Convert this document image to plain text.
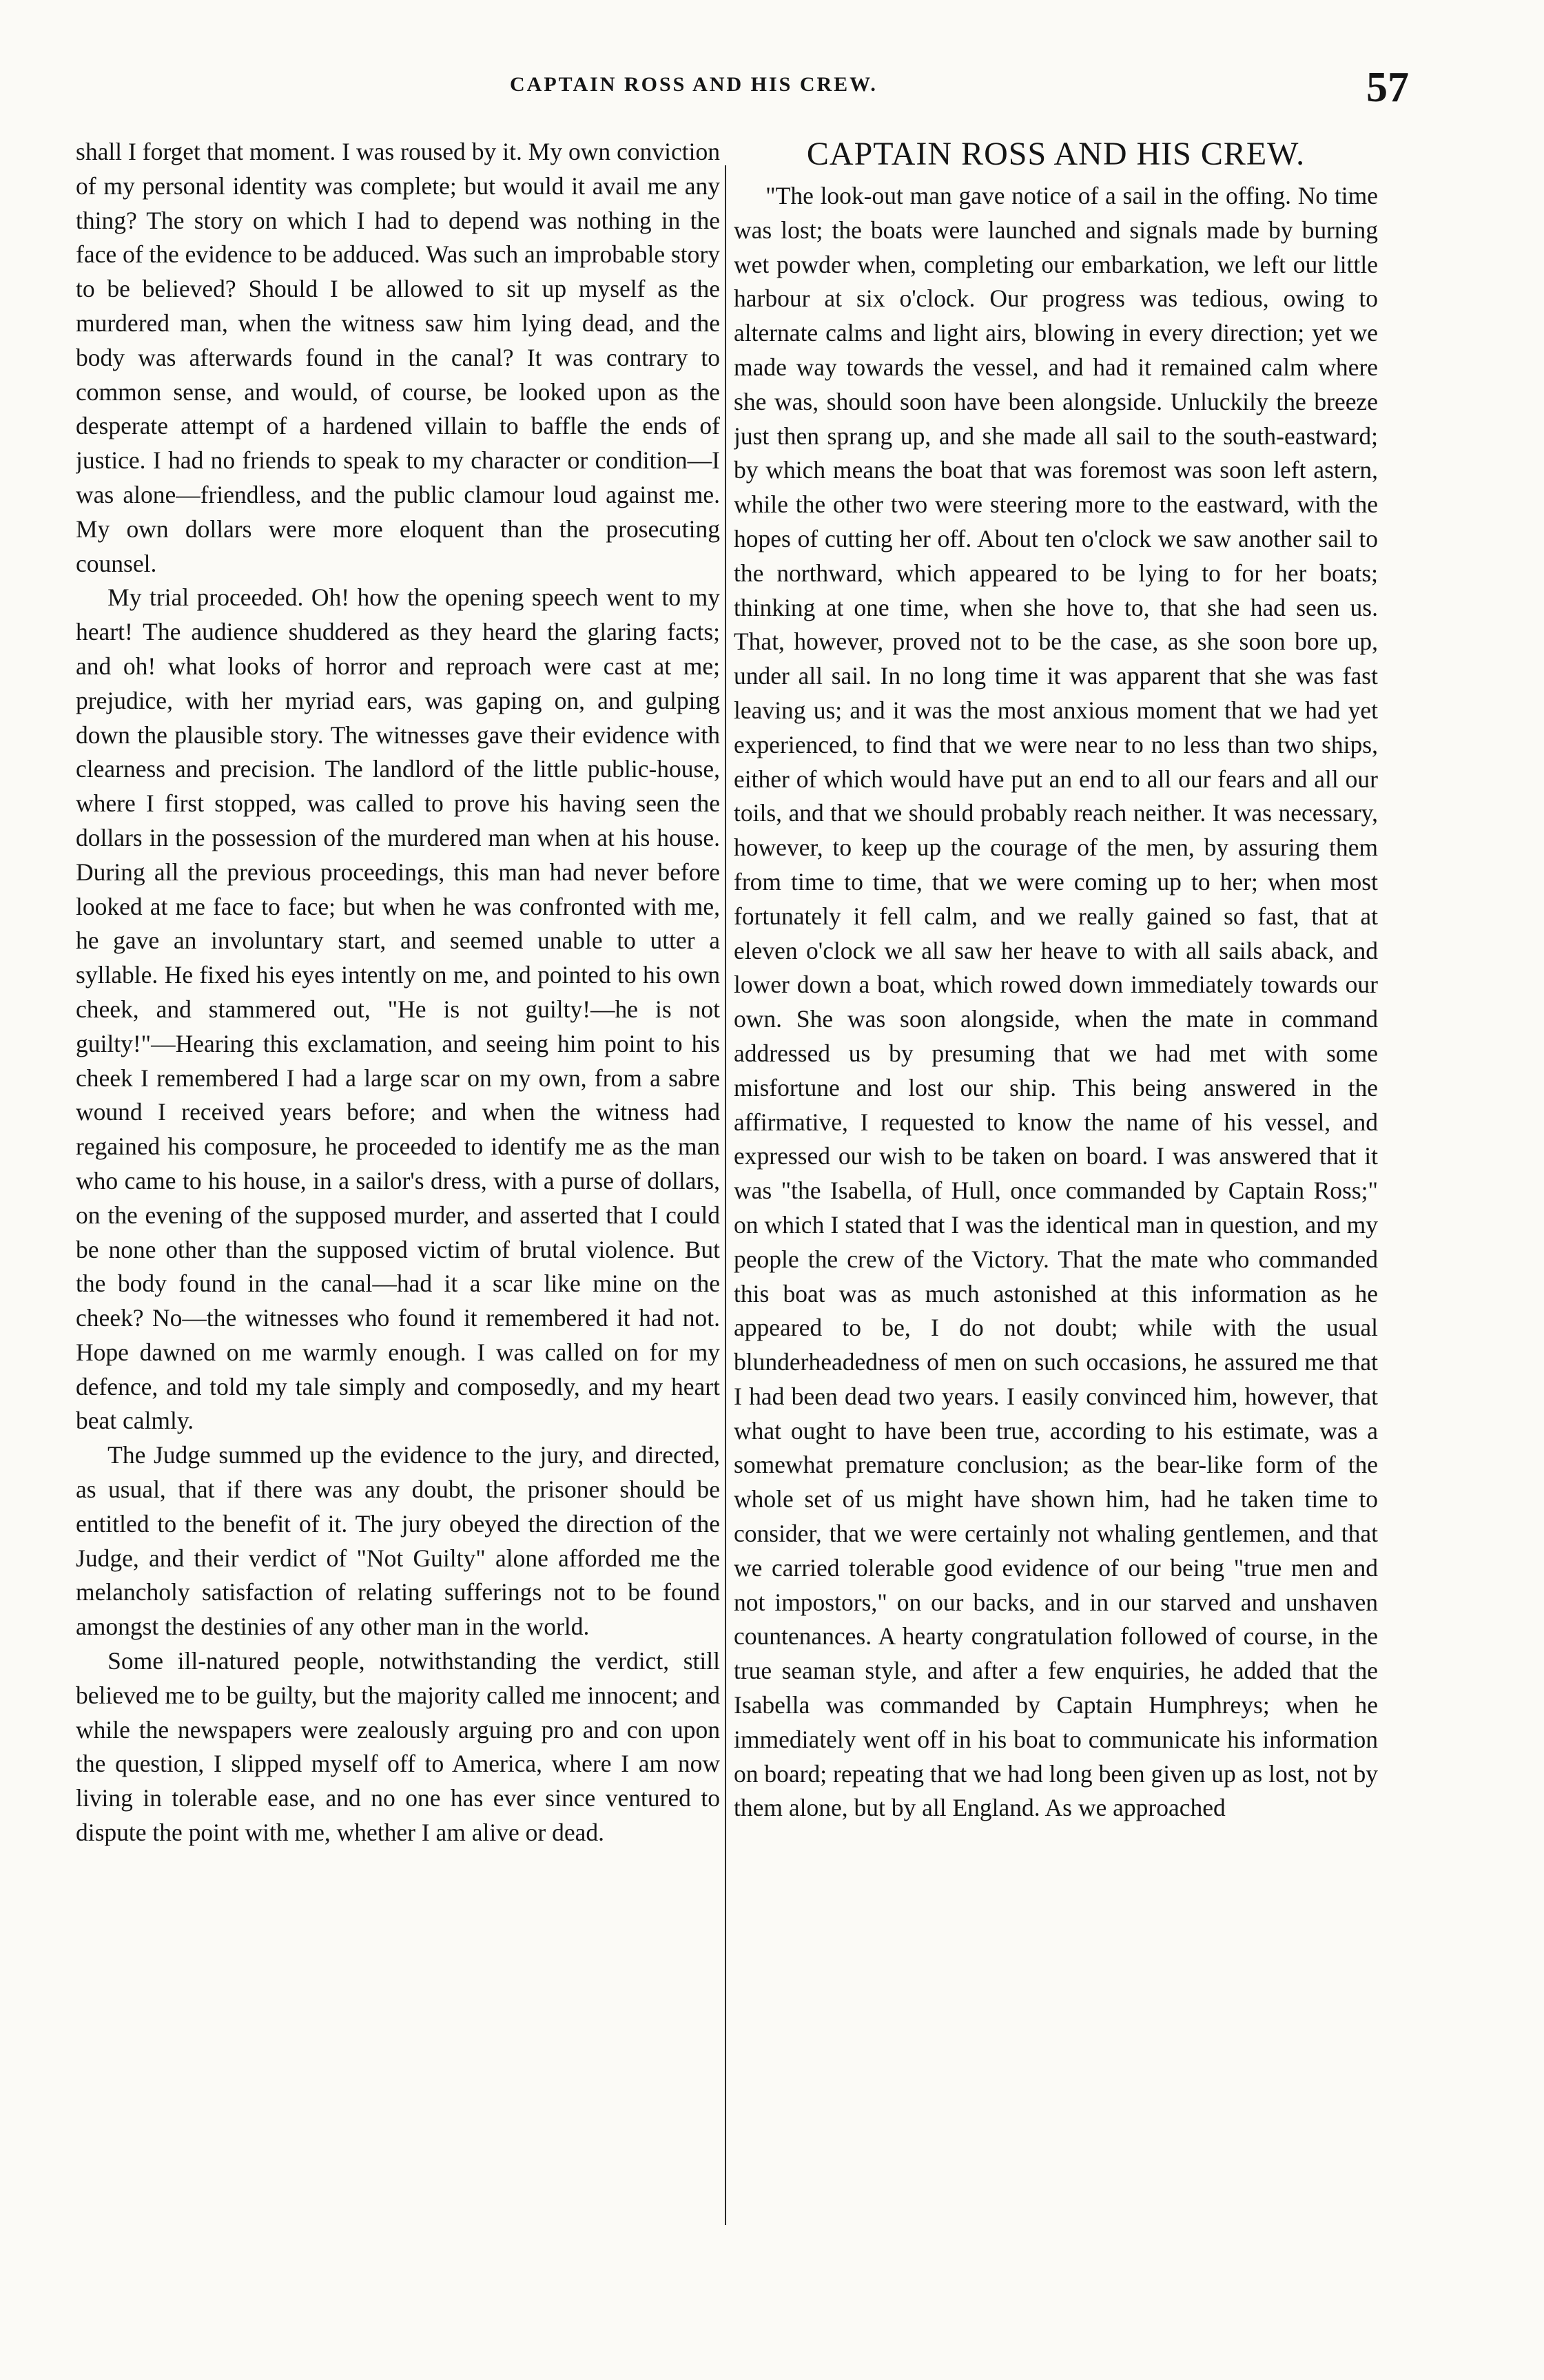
CAPTAIN ROSS AND HIS CREW.	57

shall I forget that moment. I was roused by it. My own conviction of my personal identity was complete; but would it avail me any thing? The story on which I had to depend was nothing in the face of the evidence to be adduced. Was such an improbable story to be believed? Should I be allowed to sit up myself as the murdered man, when the witness saw him lying dead, and the body was afterwards found in the canal? It was contrary to common sense, and would, of course, be looked upon as the desperate attempt of a hardened villain to baffle the ends of justice. I had no friends to speak to my character or condition—I was alone—friendless, and the public clamour loud against me. My own dollars were more eloquent than the prosecuting counsel.

My trial proceeded. Oh! how the opening speech went to my heart! The audience shuddered as they heard the glaring facts; and oh! what looks of horror and reproach were cast at me; prejudice, with her myriad ears, was gaping on, and gulping down the plausible story. The witnesses gave their evidence with clearness and precision. The landlord of the little public-house, where I first stopped, was called to prove his having seen the dollars in the possession of the murdered man when at his house. During all the previous proceedings, this man had never before looked at me face to face; but when he was confronted with me, he gave an involuntary start, and seemed unable to utter a syllable. He fixed his eyes intently on me, and pointed to his own cheek, and stammered out, "He is not guilty!—he is not guilty!"—Hearing this exclamation, and seeing him point to his cheek I remembered I had a large scar on my own, from a sabre wound I received years before; and when the witness had regained his composure, he proceeded to identify me as the man who came to his house, in a sailor's dress, with a purse of dollars, on the evening of the supposed murder, and asserted that I could be none other than the supposed victim of brutal violence. But the body found in the canal—had it a scar like mine on the cheek? No—the witnesses who found it remembered it had not. Hope dawned on me warmly enough. I was called on for my defence, and told my tale simply and composedly, and my heart beat calmly.

The Judge summed up the evidence to the jury, and directed, as usual, that if there was any doubt, the prisoner should be entitled to the benefit of it. The jury obeyed the direction of the Judge, and their verdict of "Not Guilty" alone afforded me the melancholy satisfaction of relating sufferings not to be found amongst the destinies of any other man in the world.

Some ill-natured people, notwithstanding the verdict, still believed me to be guilty, but the majority called me innocent; and while the newspapers were zealously arguing pro and con upon the question, I slipped myself off to America, where I am now living in tolerable ease, and no one has ever since ventured to dispute the point with me, whether I am alive or dead.

CAPTAIN ROSS AND HIS CREW.

"The look-out man gave notice of a sail in the offing. No time was lost; the boats were launched and signals made by burning wet powder when, completing our embarkation, we left our little harbour at six o'clock. Our progress was tedious, owing to alternate calms and light airs, blowing in every direction; yet we made way towards the vessel, and had it remained calm where she was, should soon have been alongside. Unluckily the breeze just then sprang up, and she made all sail to the south-eastward; by which means the boat that was foremost was soon left astern, while the other two were steering more to the eastward, with the hopes of cutting her off. About ten o'clock we saw another sail to the northward, which appeared to be lying to for her boats; thinking at one time, when she hove to, that she had seen us. That, however, proved not to be the case, as she soon bore up, under all sail. In no long time it was apparent that she was fast leaving us; and it was the most anxious moment that we had yet experienced, to find that we were near to no less than two ships, either of which would have put an end to all our fears and all our toils, and that we should probably reach neither. It was necessary, however, to keep up the courage of the men, by assuring them from time to time, that we were coming up to her; when most fortunately it fell calm, and we really gained so fast, that at eleven o'clock we all saw her heave to with all sails aback, and lower down a boat, which rowed down immediately towards our own. She was soon alongside, when the mate in command addressed us by presuming that we had met with some misfortune and lost our ship. This being answered in the affirmative, I requested to know the name of his vessel, and expressed our wish to be taken on board. I was answered that it was "the Isabella, of Hull, once commanded by Captain Ross;" on which I stated that I was the identical man in question, and my people the crew of the Victory. That the mate who commanded this boat was as much astonished at this information as he appeared to be, I do not doubt; while with the usual blunderheadedness of men on such occasions, he assured me that I had been dead two years. I easily convinced him, however, that what ought to have been true, according to his estimate, was a somewhat premature conclusion; as the bear-like form of the whole set of us might have shown him, had he taken time to consider, that we were certainly not whaling gentlemen, and that we carried tolerable good evidence of our being "true men and not impostors," on our backs, and in our starved and unshaven countenances. A hearty congratulation followed of course, in the true seaman style, and after a few enquiries, he added that the Isabella was commanded by Captain Humphreys; when he immediately went off in his boat to communicate his information on board; repeating that we had long been given up as lost, not by them alone, but by all England. As we approached
